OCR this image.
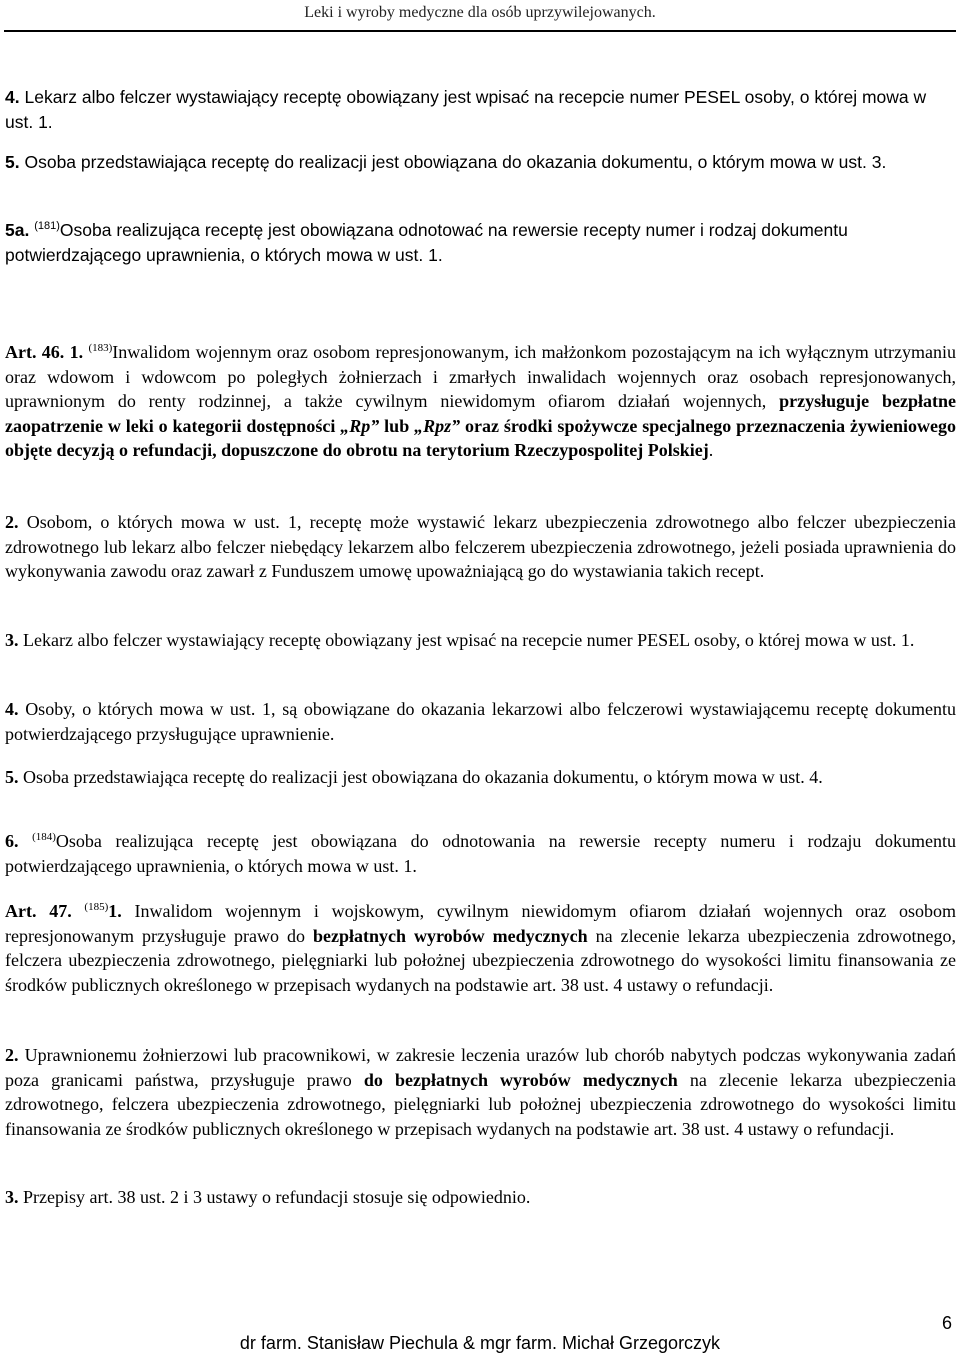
Leki i wyroby medyczne dla osób uprzywilejowanych.
4. Lekarz albo felczer wystawiający receptę obowiązany jest wpisać na recepcie numer PESEL osoby, o której mowa w ust. 1.
5. Osoba przedstawiająca receptę do realizacji jest obowiązana do okazania dokumentu, o którym mowa w ust. 3.
5a. $^{(181)}$Osoba realizująca receptę jest obowiązana odnotować na rewersie recepty numer i rodzaj dokumentu potwierdzającego uprawnienia, o których mowa w ust. 1.
Art. 46. 1. $^{(183)}$Inwalidom wojennym oraz osobom represjonowanym, ich małżonkom pozostającym na ich wyłącznym utrzymaniu oraz wdowom i wdowcom po poległych żołnierzach i zmarłych inwalidach wojennych oraz osobach represjonowanych, uprawnionym do renty rodzinnej, a także cywilnym niewidomym ofiarom działań wojennych, przysługuje bezpłatne zaopatrzenie w leki o kategorii dostępności „Rp” lub „Rpz” oraz środki spożywcze specjalnego przeznaczenia żywieniowego objęte decyzją o refundacji, dopuszczone do obrotu na terytorium Rzeczypospolitej Polskiej.
2. Osobom, o których mowa w ust. 1, receptę może wystawić lekarz ubezpieczenia zdrowotnego albo felczer ubezpieczenia zdrowotnego lub lekarz albo felczer niebędący lekarzem albo felczerem ubezpieczenia zdrowotnego, jeżeli posiada uprawnienia do wykonywania zawodu oraz zawarł z Funduszem umowę upoważniającą go do wystawiania takich recept.
3. Lekarz albo felczer wystawiający receptę obowiązany jest wpisać na recepcie numer PESEL osoby, o której mowa w ust. 1.
4. Osoby, o których mowa w ust. 1, są obowiązane do okazania lekarzowi albo felczerowi wystawiającemu receptę dokumentu potwierdzającego przysługujące uprawnienie.
5. Osoba przedstawiająca receptę do realizacji jest obowiązana do okazania dokumentu, o którym mowa w ust. 4.
6. $^{(184)}$Osoba realizująca receptę jest obowiązana do odnotowania na rewersie recepty numeru i rodzaju dokumentu potwierdzającego uprawnienia, o których mowa w ust. 1.
Art. 47. $^{(185)}$1. Inwalidom wojennym i wojskowym, cywilnym niewidomym ofiarom działań wojennych oraz osobom represjonowanym przysługuje prawo do bezpłatnych wyrobów medycznych na zlecenie lekarza ubezpieczenia zdrowotnego, felczera ubezpieczenia zdrowotnego, pielęgniarki lub położnej ubezpieczenia zdrowotnego do wysokości limitu finansowania ze środków publicznych określonego w przepisach wydanych na podstawie art. 38 ust. 4 ustawy o refundacji.
2. Uprawnionemu żołnierzowi lub pracownikowi, w zakresie leczenia urazów lub chorób nabytych podczas wykonywania zadań poza granicami państwa, przysługuje prawo do bezpłatnych wyrobów medycznych na zlecenie lekarza ubezpieczenia zdrowotnego, felczera ubezpieczenia zdrowotnego, pielęgniarki lub położnej ubezpieczenia zdrowotnego do wysokości limitu finansowania ze środków publicznych określonego w przepisach wydanych na podstawie art. 38 ust. 4 ustawy o refundacji.
3. Przepisy art. 38 ust. 2 i 3 ustawy o refundacji stosuje się odpowiednio.
6
dr farm. Stanisław Piechula & mgr farm. Michał Grzegorczyk
